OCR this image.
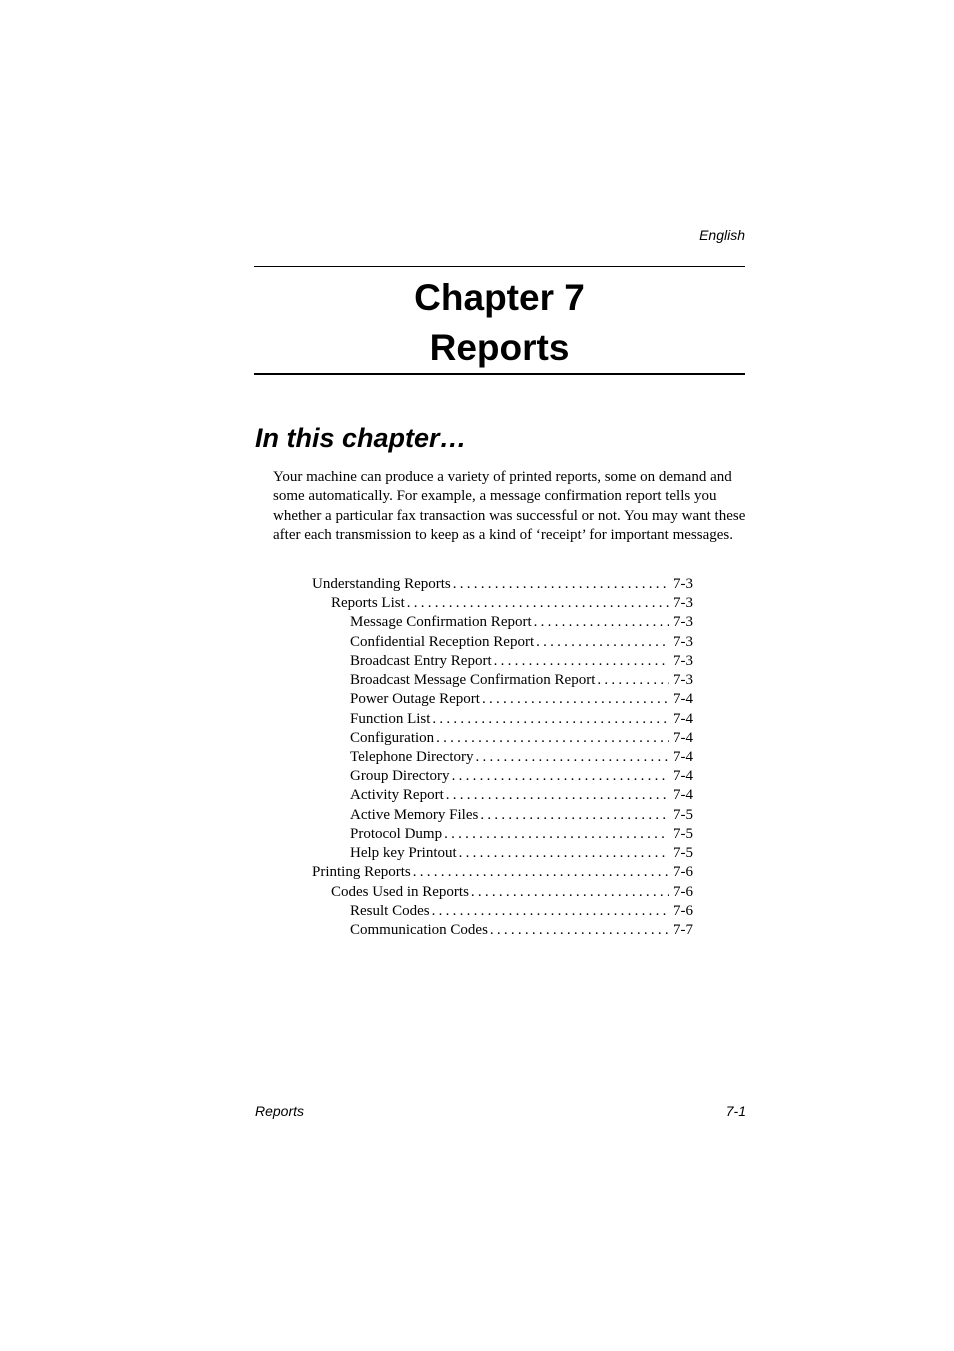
English
Chapter 7
Reports
In this chapter…

Your machine can produce a variety of printed reports, some on demand and some automatically. For example, a message confirmation report tells you whether a particular fax transaction was successful or not. You may want these after each transmission to keep as a kind of ‘receipt’ for important messages.

Understanding Reports . . .	7-3
Reports List . . .	7-3
Message Confirmation Report . . .	7-3
Confidential Reception Report . . .	7-3
Broadcast Entry Report . . .	7-3
Broadcast Message Confirmation Report . . .	7-3
Power Outage Report . . .	7-4
Function List . . .	7-4
Configuration . . .	7-4
Telephone Directory . . .	7-4
Group Directory . . .	7-4
Activity Report . . .	7-4
Active Memory Files . . .	7-5
Protocol Dump . . .	7-5
Help key Printout . . .	7-5
Printing Reports . . .	7-6
Codes Used in Reports . . .	7-6
Result Codes . . .	7-6
Communication Codes . . .	7-7
Reports	7-1
